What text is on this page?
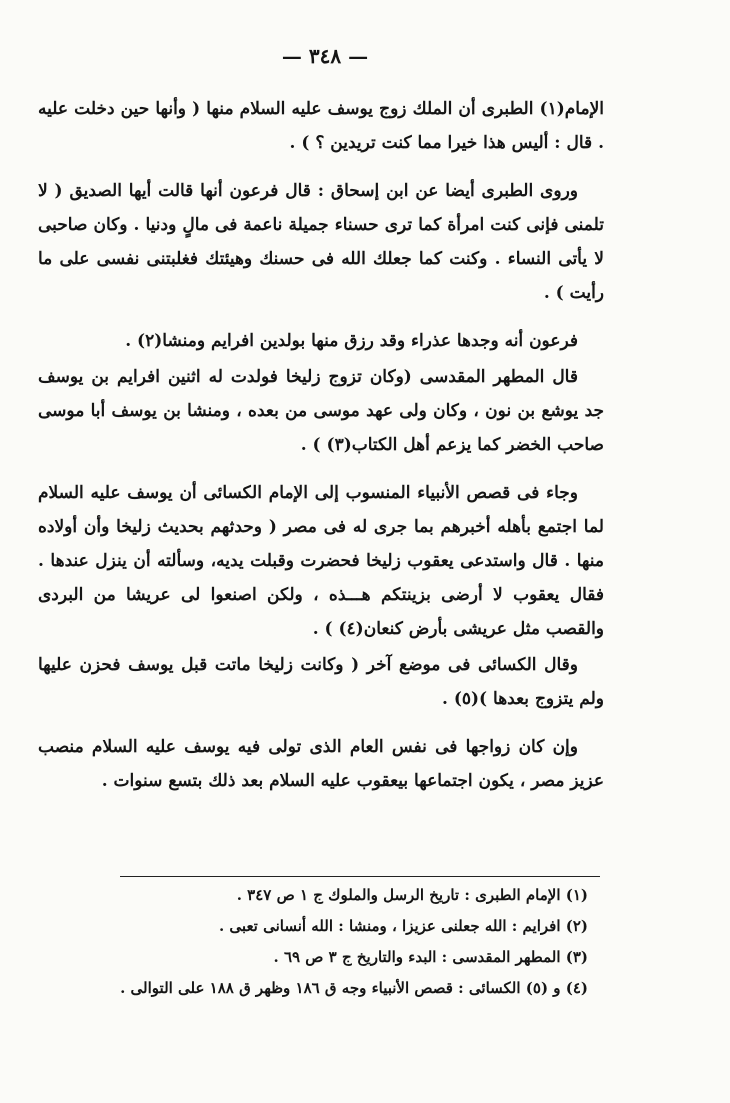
— ٣٤٨ —

الإمام(١) الطبرى أن الملك زوج يوسف عليه السلام منها ( وأنها حين دخلت عليه . قال : أليس هذا خيرا مما كنت تريدين ؟ ) .

وروى الطبرى أيضا عن ابن إسحاق : قال فرعون أنها قالت أيها الصديق ( لا تلمنى فإنى كنت امرأة كما ترى حسناء جميلة ناعمة فى مالٍ ودنيا . وكان صاحبى لا يأتى النساء . وكنت كما جعلك الله فى حسنك وهيئتك فغلبتنى نفسى على ما رأيت ) .

فرعون أنه وجدها عذراء وقد رزق منها بولدين افرايم ومنشا(٢) .

قال المطهر المقدسى (وكان تزوج زليخا فولدت له اثنين افرايم بن يوسف جد يوشع بن نون ، وكان ولى عهد موسى من بعده ، ومنشا بن يوسف أبا موسى صاحب الخضر كما يزعم أهل الكتاب(٣) ) .

وجاء فى قصص الأنبياء المنسوب إلى الإمام الكسائى أن يوسف عليه السلام لما اجتمع بأهله أخبرهم بما جرى له فى مصر ( وحدثهم بحديث زليخا وأن أولاده منها . قال واستدعى يعقوب زليخا فحضرت وقبلت يديه، وسألته أن ينزل عندها . فقال يعقوب لا أرضى بزينتكم هـــذه ، ولكن اصنعوا لى عريشا من البردى والقصب مثل عريشى بأرض كنعان(٤) ) .

وقال الكسائى فى موضع آخر ( وكانت زليخا ماتت قبل يوسف فحزن عليها ولم يتزوج بعدها )(٥) .

وإن كان زواجها فى نفس العام الذى تولى فيه يوسف عليه السلام منصب عزيز مصر ، يكون اجتماعها بيعقوب عليه السلام بعد ذلك بتسع سنوات .

(١) الإمام الطبرى : تاريخ الرسل والملوك ج ١ ص ٣٤٧ .
(٢) افرايم : الله جعلنى عزيزا ، ومنشا : الله أنسانى تعبى .
(٣) المطهر المقدسى : البدء والتاريخ ج ٣ ص ٦٩ .
(٤) و (٥) الكسائى : قصص الأنبياء وجه ق ١٨٦ وظهر ق ١٨٨ على التوالى .
